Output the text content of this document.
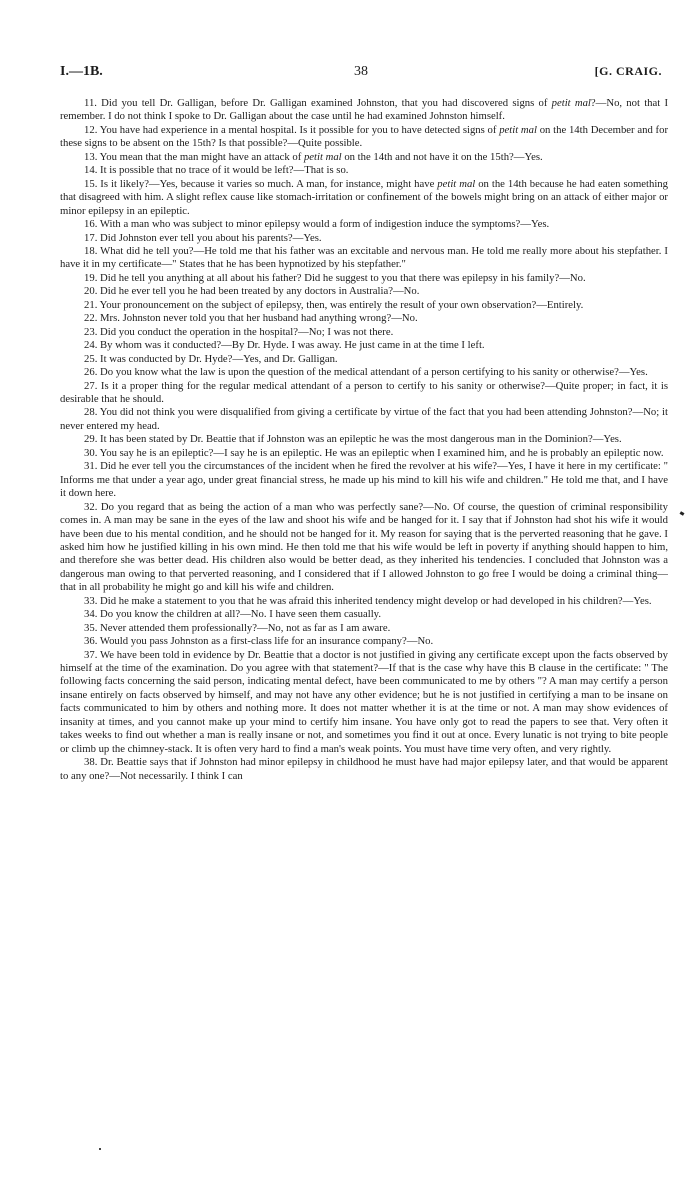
I.—1B.	38	[G. CRAIG.

11. Did you tell Dr. Galligan, before Dr. Galligan examined Johnston, that you had discovered signs of petit mal?—No, not that I remember. I do not think I spoke to Dr. Galligan about the case until he had examined Johnston himself.

12. You have had experience in a mental hospital. Is it possible for you to have detected signs of petit mal on the 14th December and for these signs to be absent on the 15th? Is that possible?—Quite possible.

13. You mean that the man might have an attack of petit mal on the 14th and not have it on the 15th?—Yes.

14. It is possible that no trace of it would be left?—That is so.

15. Is it likely?—Yes, because it varies so much. A man, for instance, might have petit mal on the 14th because he had eaten something that disagreed with him. A slight reflex cause like stomach-irritation or confinement of the bowels might bring on an attack of either major or minor epilepsy in an epileptic.

16. With a man who was subject to minor epilepsy would a form of indigestion induce the symptoms?—Yes.

17. Did Johnston ever tell you about his parents?—Yes.

18. What did he tell you?—He told me that his father was an excitable and nervous man. He told me really more about his stepfather. I have it in my certificate—" States that he has been hypnotized by his stepfather."

19. Did he tell you anything at all about his father? Did he suggest to you that there was epilepsy in his family?—No.

20. Did he ever tell you he had been treated by any doctors in Australia?—No.

21. Your pronouncement on the subject of epilepsy, then, was entirely the result of your own observation?—Entirely.

22. Mrs. Johnston never told you that her husband had anything wrong?—No.

23. Did you conduct the operation in the hospital?—No; I was not there.

24. By whom was it conducted?—By Dr. Hyde. I was away. He just came in at the time I left.

25. It was conducted by Dr. Hyde?—Yes, and Dr. Galligan.

26. Do you know what the law is upon the question of the medical attendant of a person certifying to his sanity or otherwise?—Yes.

27. Is it a proper thing for the regular medical attendant of a person to certify to his sanity or otherwise?—Quite proper; in fact, it is desirable that he should.

28. You did not think you were disqualified from giving a certificate by virtue of the fact that you had been attending Johnston?—No; it never entered my head.

29. It has been stated by Dr. Beattie that if Johnston was an epileptic he was the most dangerous man in the Dominion?—Yes.

30. You say he is an epileptic?—I say he is an epileptic. He was an epileptic when I examined him, and he is probably an epileptic now.

31. Did he ever tell you the circumstances of the incident when he fired the revolver at his wife?—Yes, I have it here in my certificate: " Informs me that under a year ago, under great financial stress, he made up his mind to kill his wife and children." He told me that, and I have it down here.

32. Do you regard that as being the action of a man who was perfectly sane?—No. Of course, the question of criminal responsibility comes in. A man may be sane in the eyes of the law and shoot his wife and be hanged for it. I say that if Johnston had shot his wife it would have been due to his mental condition, and he should not be hanged for it. My reason for saying that is the perverted reasoning that he gave. I asked him how he justified killing in his own mind. He then told me that his wife would be left in poverty if anything should happen to him, and therefore she was better dead. His children also would be better dead, as they inherited his tendencies. I concluded that Johnston was a dangerous man owing to that perverted reasoning, and I considered that if I allowed Johnston to go free I would be doing a criminal thing—that in all probability he might go and kill his wife and children.

33. Did he make a statement to you that he was afraid this inherited tendency might develop or had developed in his children?—Yes.

34. Do you know the children at all?—No. I have seen them casually.

35. Never attended them professionally?—No, not as far as I am aware.

36. Would you pass Johnston as a first-class life for an insurance company?—No.

37. We have been told in evidence by Dr. Beattie that a doctor is not justified in giving any certificate except upon the facts observed by himself at the time of the examination. Do you agree with that statement?—If that is the case why have this B clause in the certificate: " The following facts concerning the said person, indicating mental defect, have been communicated to me by others "? A man may certify a person insane entirely on facts observed by himself, and may not have any other evidence; but he is not justified in certifying a man to be insane on facts communicated to him by others and nothing more. It does not matter whether it is at the time or not. A man may show evidences of insanity at times, and you cannot make up your mind to certify him insane. You have only got to read the papers to see that. Very often it takes weeks to find out whether a man is really insane or not, and sometimes you find it out at once. Every lunatic is not trying to bite people or climb up the chimney-stack. It is often very hard to find a man's weak points. You must have time very often, and very rightly.

38. Dr. Beattie says that if Johnston had minor epilepsy in childhood he must have had major epilepsy later, and that would be apparent to any one?—Not necessarily. I think I can
